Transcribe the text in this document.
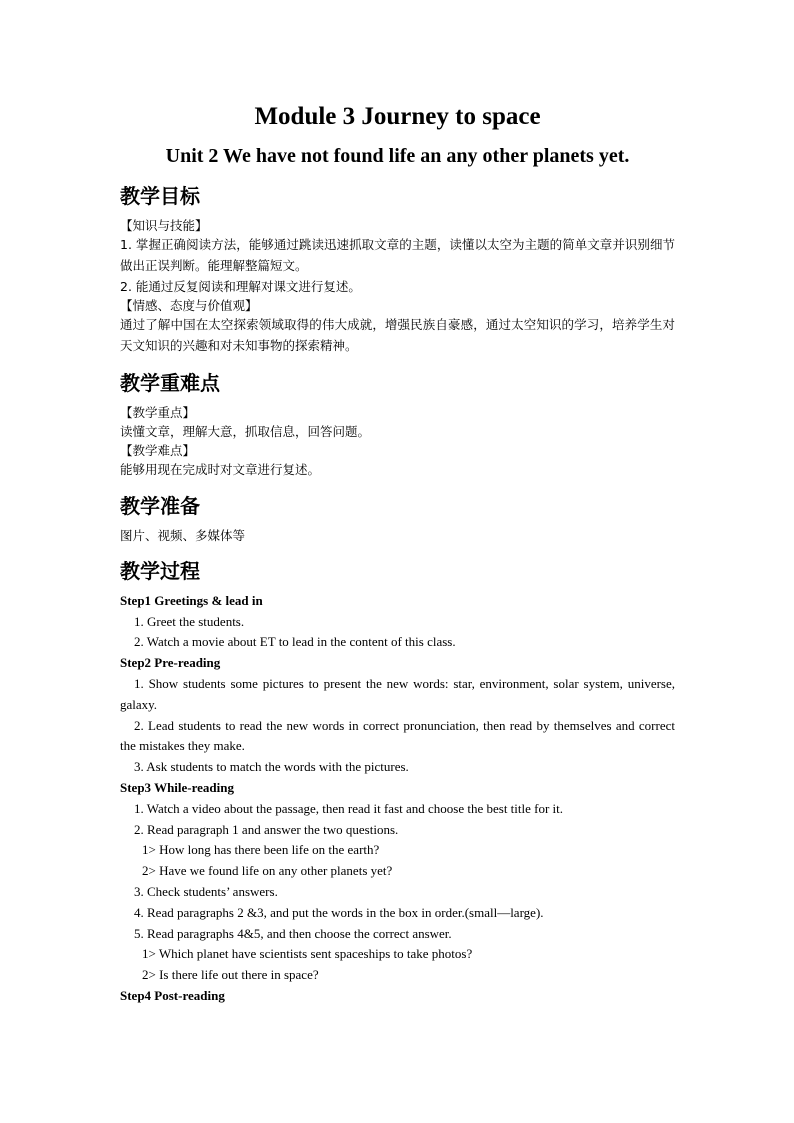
Module 3 Journey to space
Unit 2 We have not found life an any other planets yet.
教学目标

【知识与技能】

1. 掌握正确阅读方法，能够通过跳读迅速抓取文章的主题，读懂以太空为主题的简单文章并识别细节做出正误判断。能理解整篇短文。

2. 能通过反复阅读和理解对课文进行复述。

【情感、态度与价值观】

通过了解中国在太空探索领域取得的伟大成就，增强民族自豪感，通过太空知识的学习，培养学生对天文知识的兴趣和对未知事物的探索精神。

教学重难点

【教学重点】

读懂文章，理解大意，抓取信息，回答问题。

【教学难点】

能够用现在完成时对文章进行复述。

教学准备

图片、视频、多媒体等

教学过程

Step1 Greetings & lead in

1. Greet the students.

2. Watch a movie about ET to lead in the content of this class.

Step2 Pre-reading

1. Show students some pictures to present the new words: star, environment, solar system, universe, galaxy.

2. Lead students to read the new words in correct pronunciation, then read by themselves and correct the mistakes they make.

3. Ask students to match the words with the pictures.

Step3 While-reading

1. Watch a video about the passage, then read it fast and choose the best title for it.

2. Read paragraph 1 and answer the two questions.

1> How long has there been life on the earth?

2> Have we found life on any other planets yet?

3. Check students’ answers.

4. Read paragraphs 2 &3, and put the words in the box in order.(small—large).

5. Read paragraphs 4&5, and then choose the correct answer.

1> Which planet have scientists sent spaceships to take photos?

2> Is there life out there in space?

Step4 Post-reading
